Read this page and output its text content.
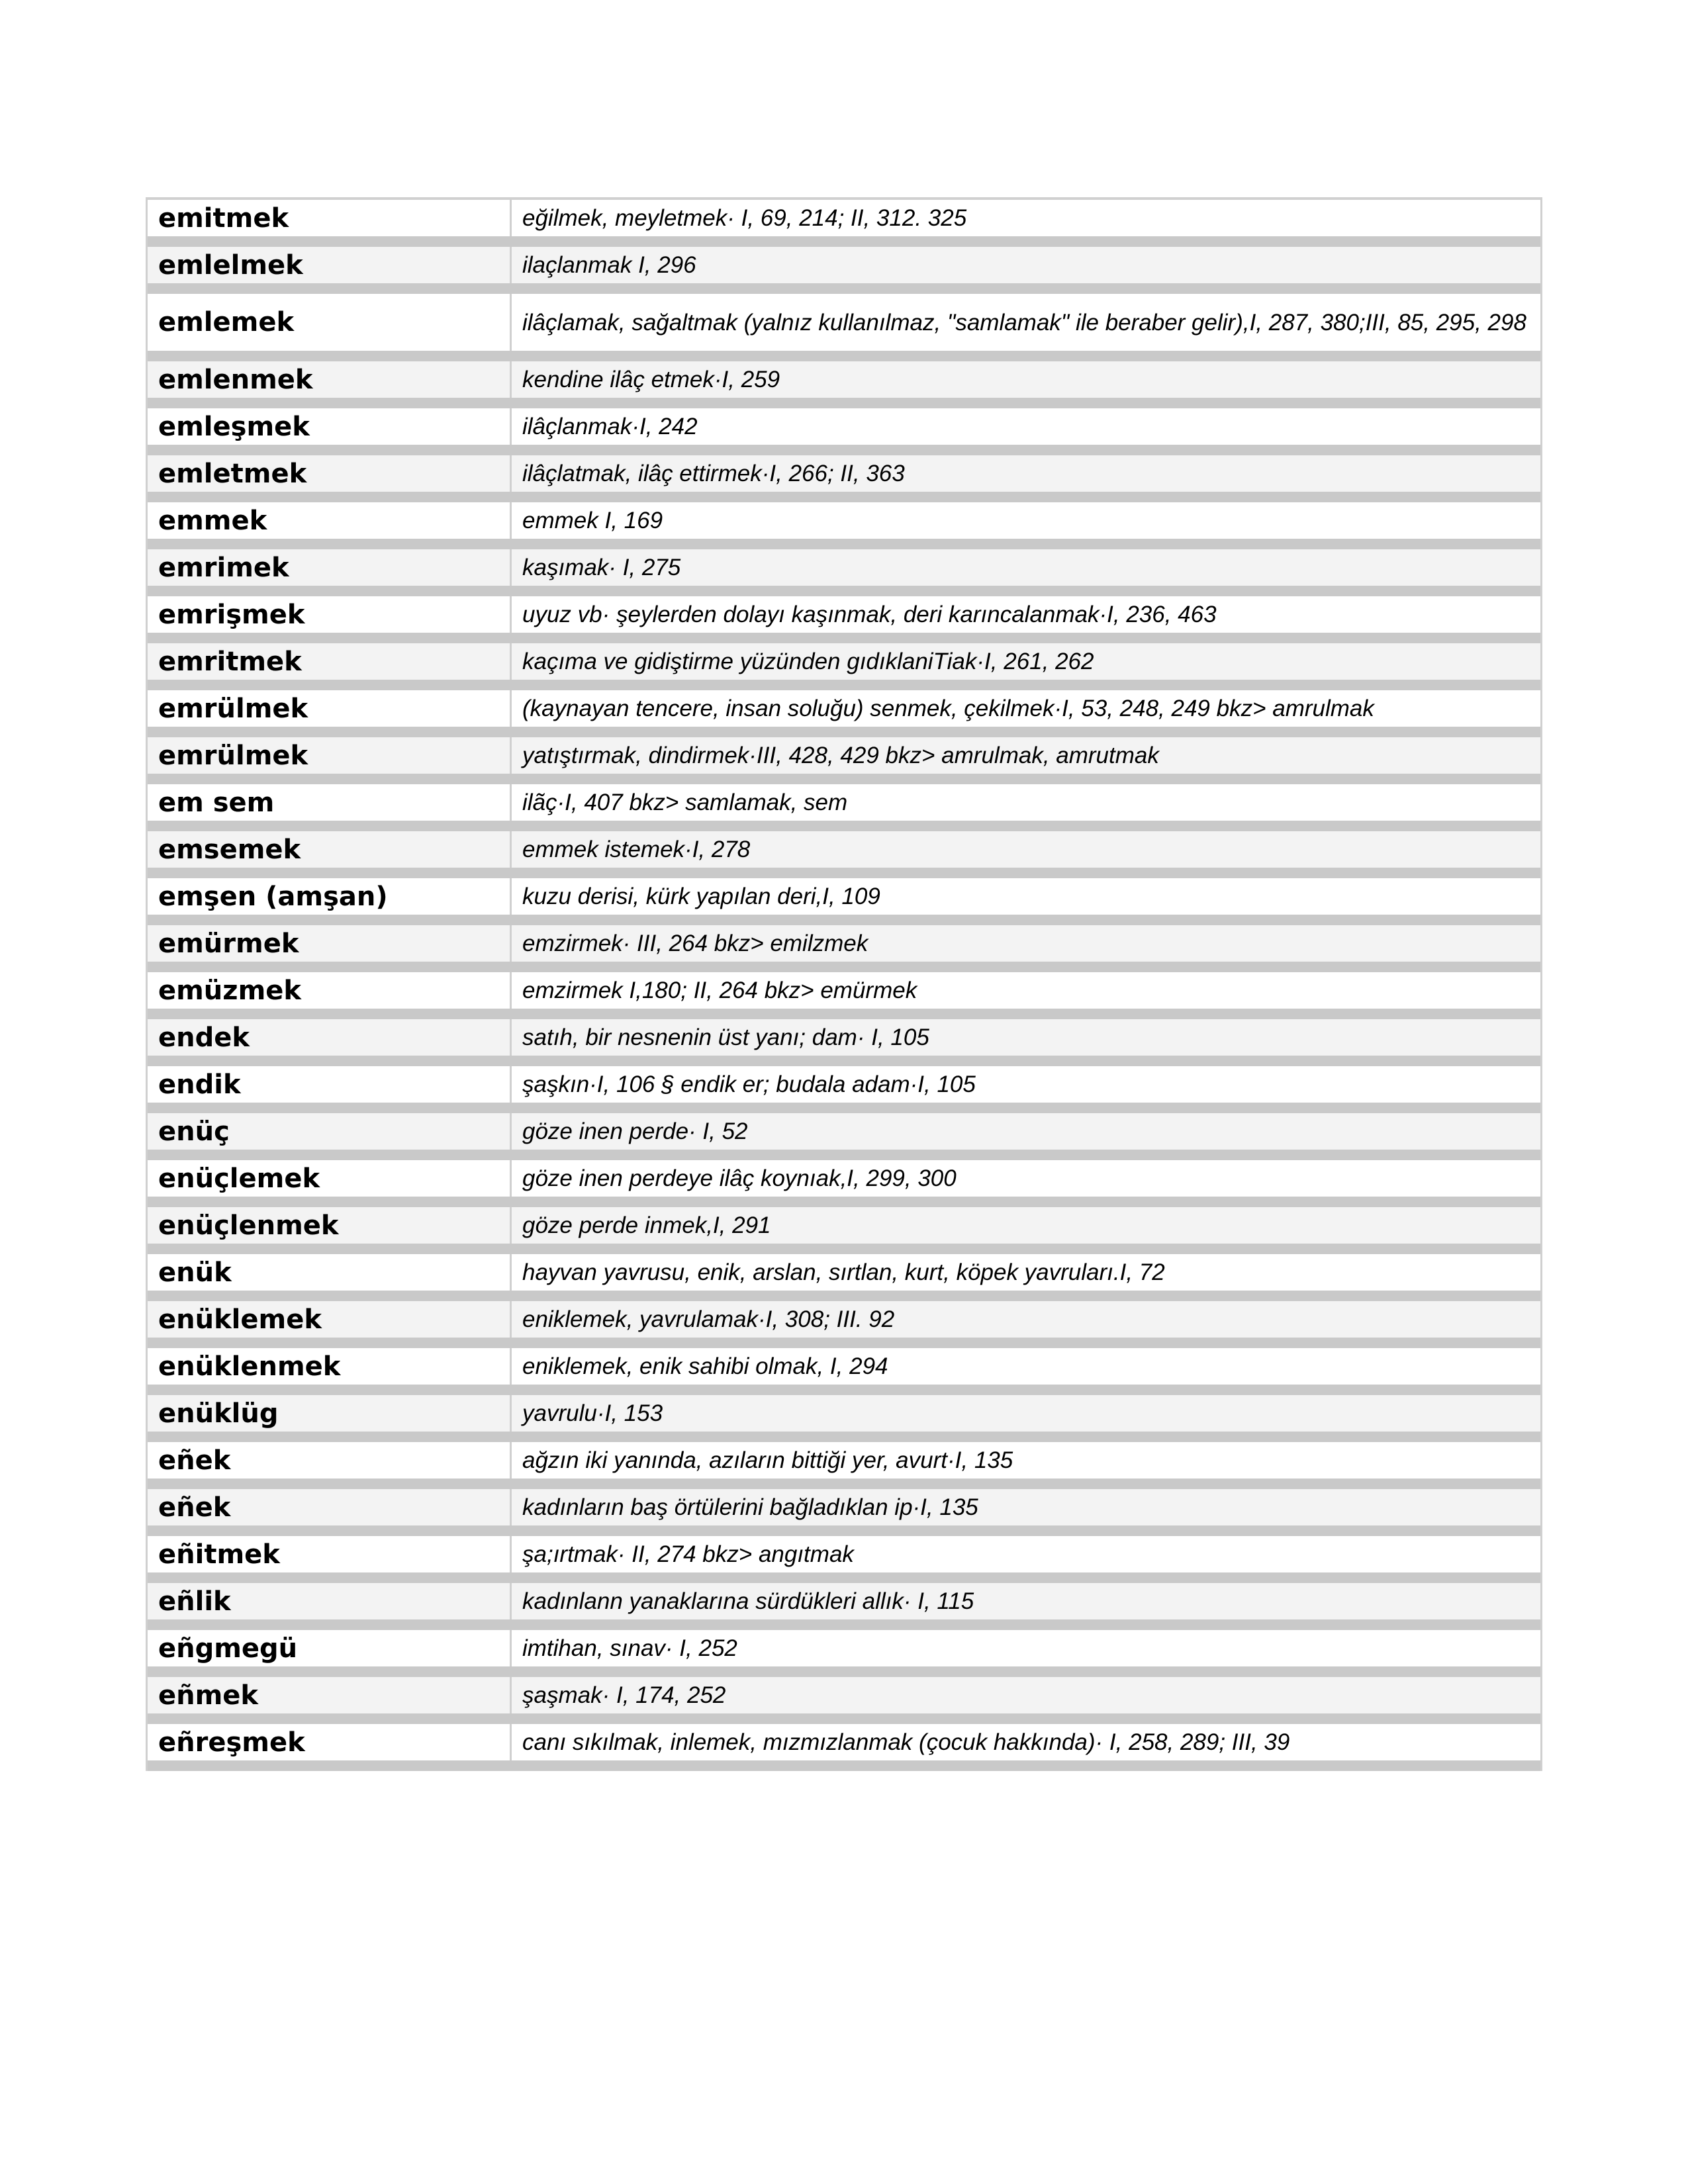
emitmek	eğilmek, meyletmek· I, 69, 214; II, 312. 325
emlelmek	ilaçlanmak I, 296
emlemek	ilâçlamak, sağaltmak (yalnız kullanılmaz, "samlamak" ile beraber gelir),I, 287, 380;III, 85, 295, 298
emlenmek	kendine ilâç etmek·I, 259
emleşmek	ilâçlanmak·I, 242
emletmek	ilâçlatmak, ilâç ettirmek·I, 266; II, 363
emmek	emmek I, 169
emrimek	kaşımak· I, 275
emrişmek	uyuz vb· şeylerden dolayı kaşınmak, deri karıncalanmak·I, 236, 463
emritmek	kaçıma ve gidiştirme yüzünden gıdıklaniTiak·I, 261, 262
emrülmek	(kaynayan tencere, insan soluğu) senmek, çekilmek·I, 53, 248, 249 bkz> amrulmak
emrülmek	yatıştırmak, dindirmek·III, 428, 429 bkz> amrulmak, amrutmak
em sem	ilãç·I, 407 bkz> samlamak, sem
emsemek	emmek istemek·I, 278
emşen (amşan)	kuzu derisi, kürk yapılan deri,I, 109
emürmek	emzirmek· III, 264 bkz> emilzmek
emüzmek	emzirmek I,180; II, 264 bkz> emürmek
endek	satıh, bir nesnenin üst yanı; dam· I, 105
endik	şaşkın·I, 106 § endik er; budala adam·I, 105
enüç	göze inen perde· I, 52
enüçlemek	göze inen perdeye ilâç koynıak,I, 299, 300
enüçlenmek	göze perde inmek,I, 291
enük	hayvan yavrusu, enik, arslan, sırtlan, kurt, köpek yavruları.I, 72
enüklemek	eniklemek, yavrulamak·I, 308; III. 92
enüklenmek	eniklemek, enik sahibi olmak, I, 294
enüklüg	yavrulu·I, 153
eñek	ağzın iki yanında, azıların bittiği yer, avurt·I, 135
eñek	kadınların baş örtülerini bağladıklan ip·I, 135
eñitmek	şa;ırtmak· II, 274 bkz> angıtmak
eñlik	kadınlann yanaklarına sürdükleri allık· I, 115
eñgmegü	imtihan, sınav· I, 252
eñmek	şaşmak· I, 174, 252
eñreşmek	canı sıkılmak, inlemek, mızmızlanmak (çocuk hakkında)· I, 258, 289; III, 39
